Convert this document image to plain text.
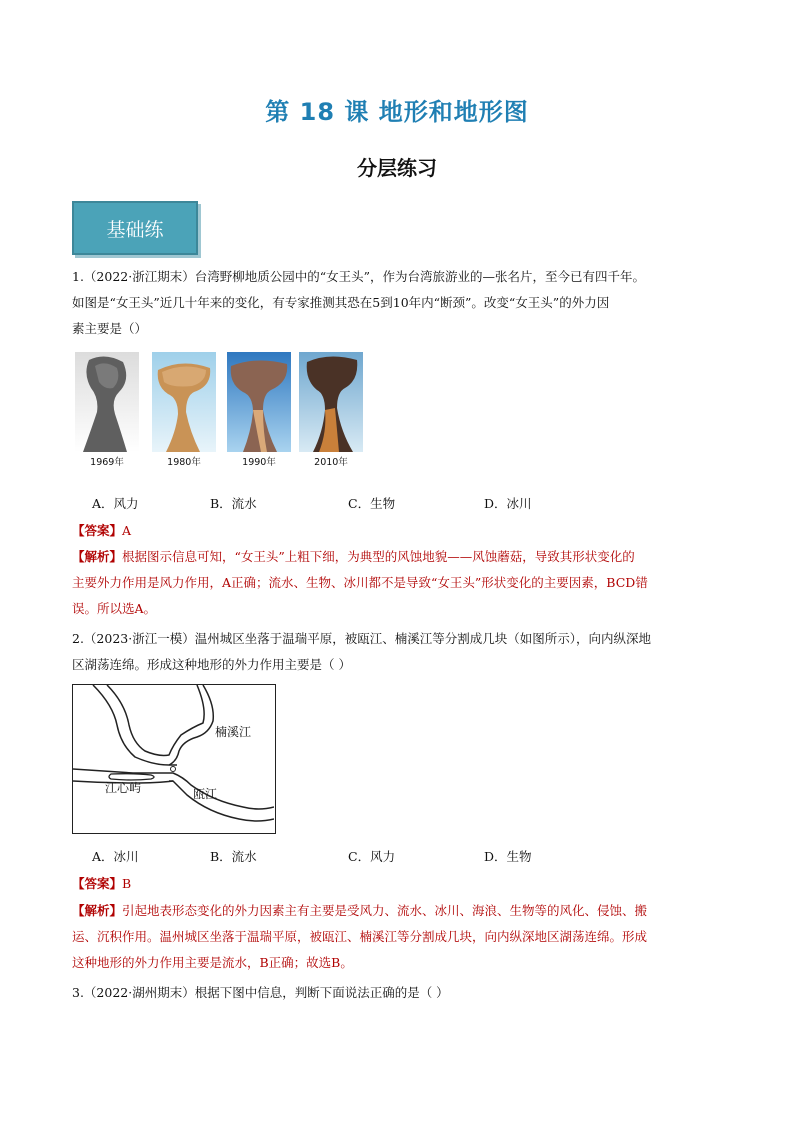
第 18 课 地形和地形图
分层练习
基础练
1.（2022·浙江期末）台湾野柳地质公园中的“女王头”，作为台湾旅游业的—张名片，至今已有四千年。
如图是“女王头”近几十年来的变化，有专家推测其恐在5到10年内“断颈”。改变“女王头”的外力因
素主要是（）
1969年	1980年	1990年	2010年
A．风力	B．流水	C．生物	D．冰川
【答案】A
【解析】根据图示信息可知，“女王头”上粗下细，为典型的风蚀地貌——风蚀蘑菇，导致其形状变化的
主要外力作用是风力作用，A正确；流水、生物、冰川都不是导致“女王头”形状变化的主要因素，BCD错
误。所以选A。
2.（2023·浙江一模）温州城区坐落于温瑞平原，被瓯江、楠溪江等分割成几块（如图所示），向内纵深地
区湖荡连绵。形成这种地形的外力作用主要是（ ）
楠溪江
江心屿	瓯江
A．冰川	B．流水	C．风力	D．生物
【答案】B
【解析】引起地表形态变化的外力因素主有主要是受风力、流水、冰川、海浪、生物等的风化、侵蚀、搬
运、沉积作用。温州城区坐落于温瑞平原，被瓯江、楠溪江等分割成几块，向内纵深地区湖荡连绵。形成
这种地形的外力作用主要是流水，B正确；故选B。
3.（2022·湖州期末）根据下图中信息，判断下面说法正确的是（ ）
